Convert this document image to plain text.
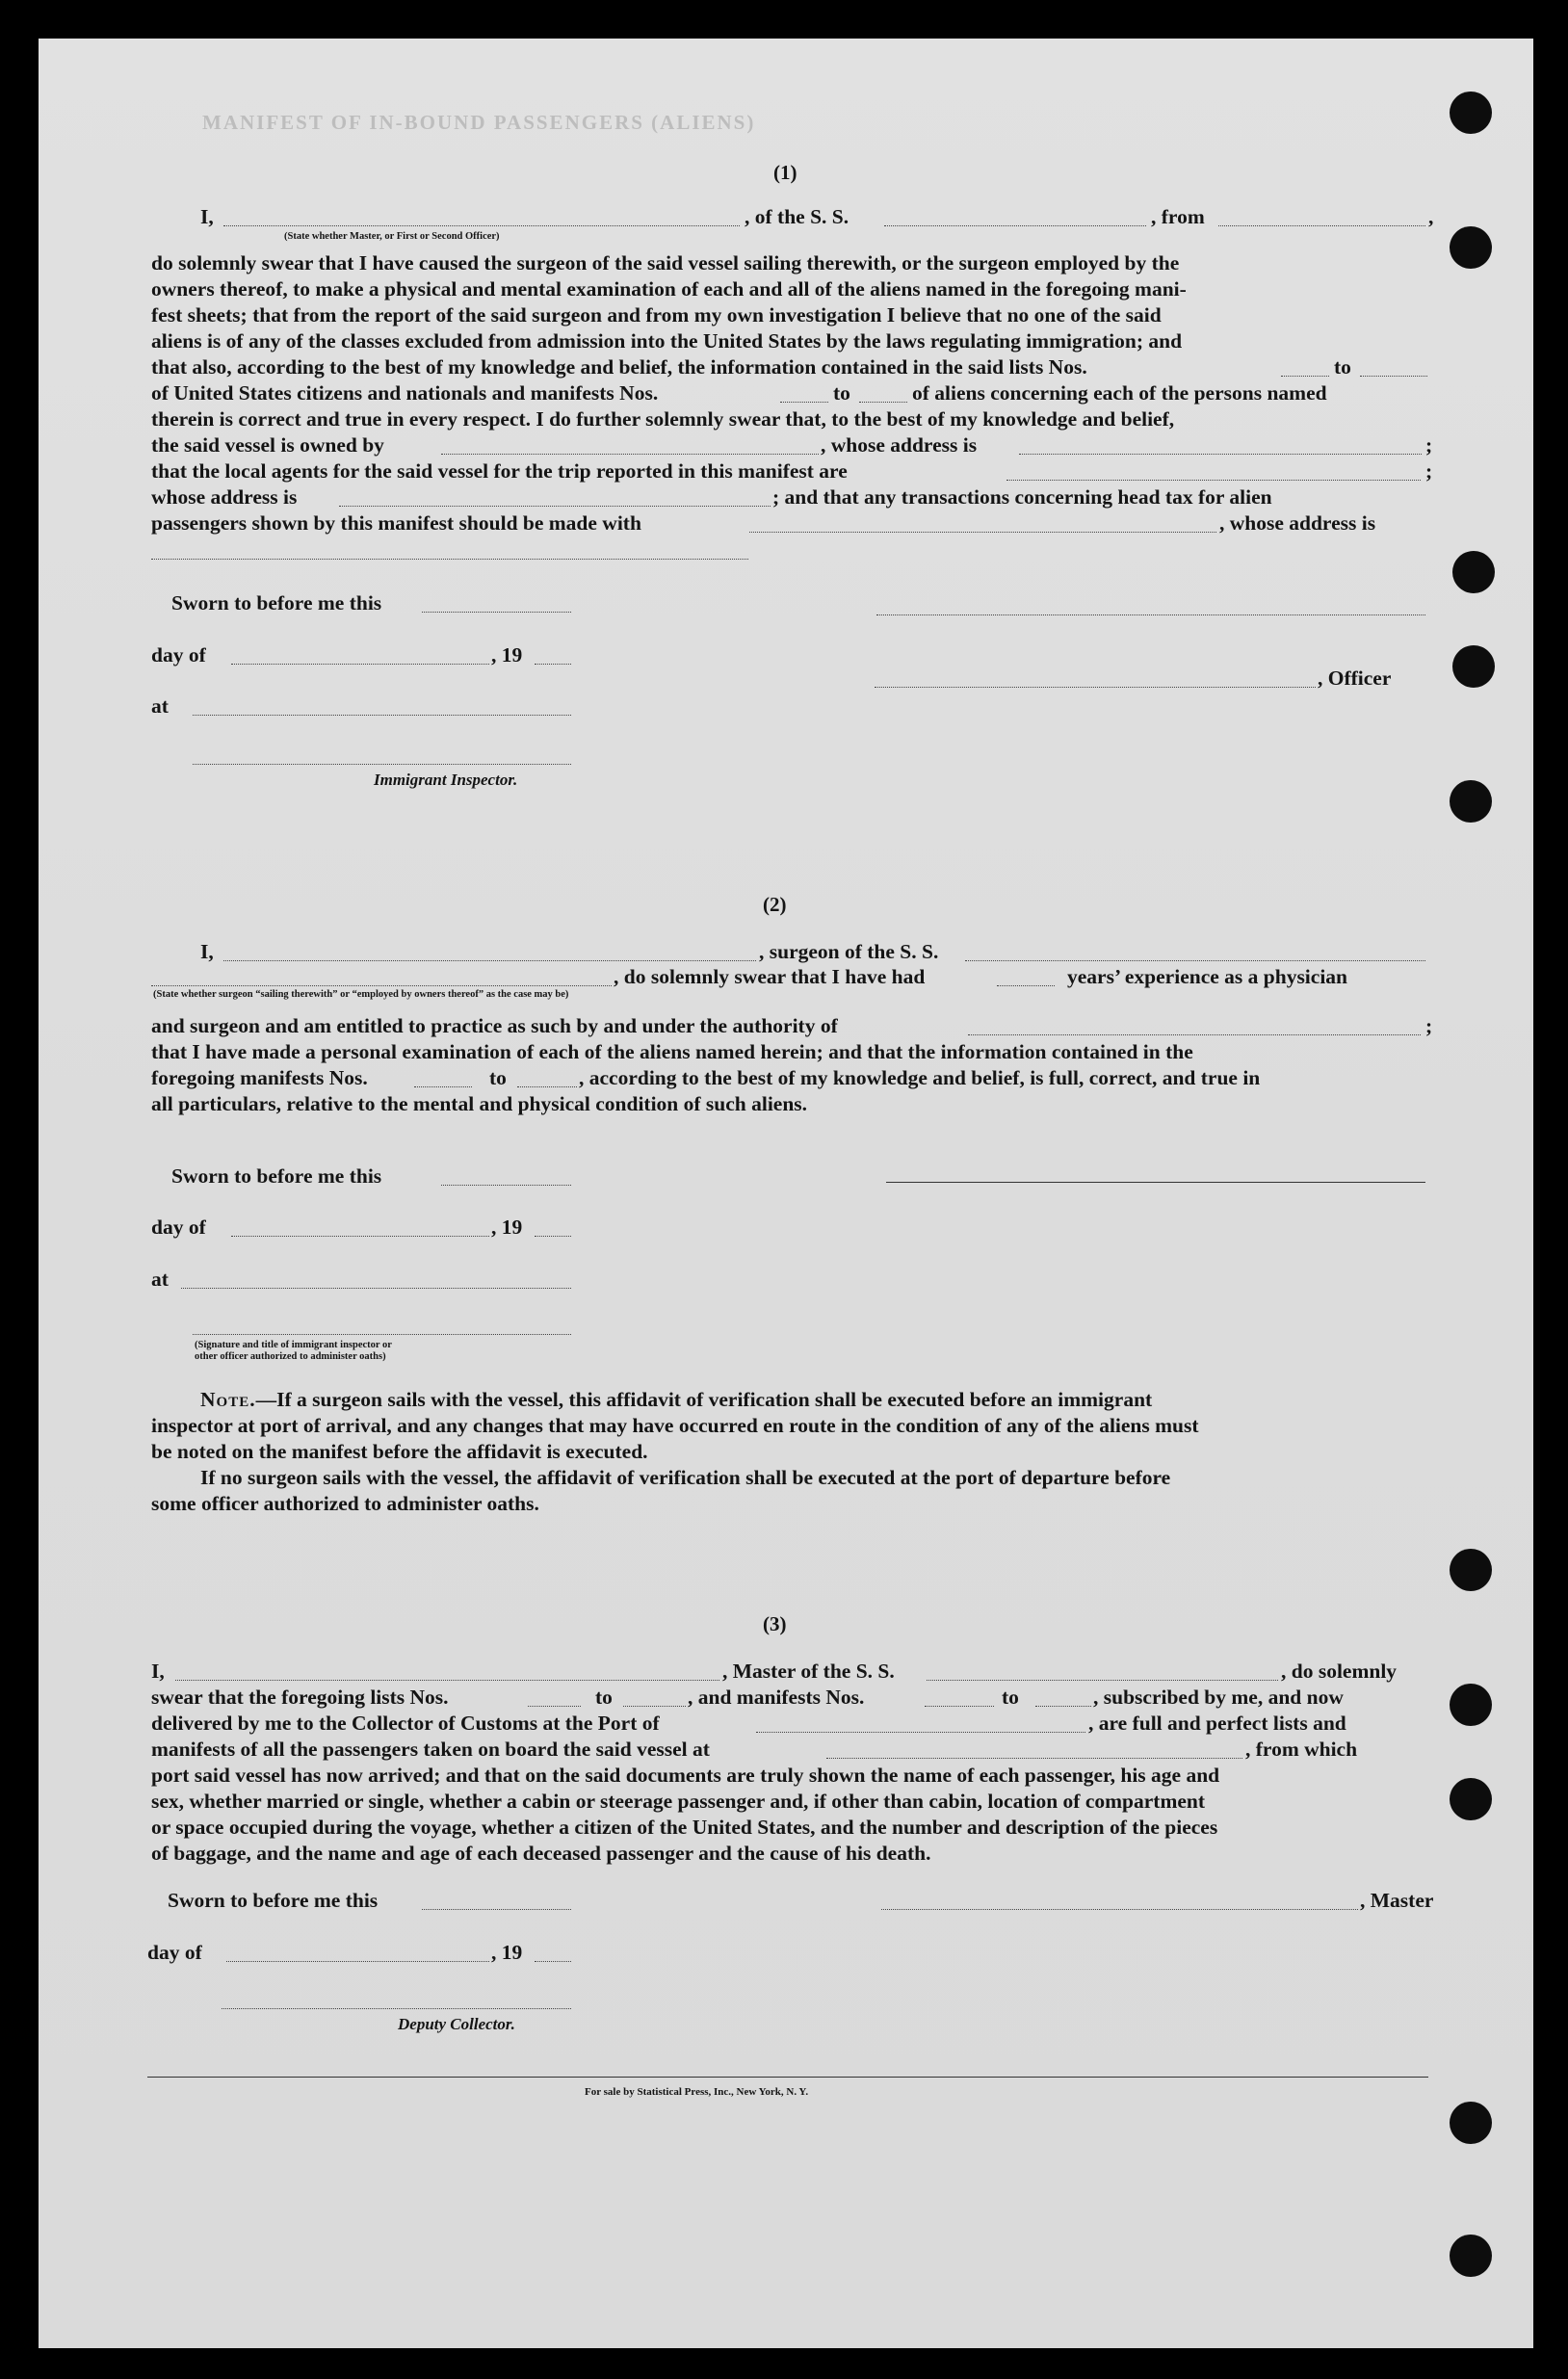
MANIFEST OF IN-BOUND PASSENGERS (ALIENS)
(1)
I,	, of the S. S.	, from	,
(State whether Master, or First or Second Officer)
do solemnly swear that I have caused the surgeon of the said vessel sailing therewith, or the surgeon employed by the
owners thereof, to make a physical and mental examination of each and all of the aliens named in the foregoing mani-
fest sheets; that from the report of the said surgeon and from my own investigation I believe that no one of the said
aliens is of any of the classes excluded from admission into the United States by the laws regulating immigration; and
that also, according to the best of my knowledge and belief, the information contained in the said lists Nos.	to
of United States citizens and nationals and manifests Nos.	to	of aliens concerning each of the persons named
therein is correct and true in every respect. I do further solemnly swear that, to the best of my knowledge and belief,
the said vessel is owned by	, whose address is	;
that the local agents for the said vessel for the trip reported in this manifest are	;
whose address is	; and that any transactions concerning head tax for alien
passengers shown by this manifest should be made with	, whose address is
Sworn to before me this
day of	, 19
, Officer
at
Immigrant Inspector.
(2)
I,	, surgeon of the S. S.
, do solemnly swear that I have had	years’ experience as a physician
(State whether surgeon “sailing therewith” or “employed by owners thereof” as the case may be)
and surgeon and am entitled to practice as such by and under the authority of	;
that I have made a personal examination of each of the aliens named herein; and that the information contained in the
foregoing manifests Nos.	to	, according to the best of my knowledge and belief, is full, correct, and true in
all particulars, relative to the mental and physical condition of such aliens.
Sworn to before me this
day of	, 19
at
(Signature and title of immigrant inspector or
other officer authorized to administer oaths)
Note.—If a surgeon sails with the vessel, this affidavit of verification shall be executed before an immigrant
inspector at port of arrival, and any changes that may have occurred en route in the condition of any of the aliens must
be noted on the manifest before the affidavit is executed.
If no surgeon sails with the vessel, the affidavit of verification shall be executed at the port of departure before
some officer authorized to administer oaths.
(3)
I,	, Master of the S. S.	, do solemnly
swear that the foregoing lists Nos.	to	, and manifests Nos.	to	, subscribed by me, and now
delivered by me to the Collector of Customs at the Port of	, are full and perfect lists and
manifests of all the passengers taken on board the said vessel at	, from which
port said vessel has now arrived; and that on the said documents are truly shown the name of each passenger, his age and
sex, whether married or single, whether a cabin or steerage passenger and, if other than cabin, location of compartment
or space occupied during the voyage, whether a citizen of the United States, and the number and description of the pieces
of baggage, and the name and age of each deceased passenger and the cause of his death.
Sworn to before me this	, Master
day of	, 19
Deputy Collector.
For sale by Statistical Press, Inc., New York, N. Y.
